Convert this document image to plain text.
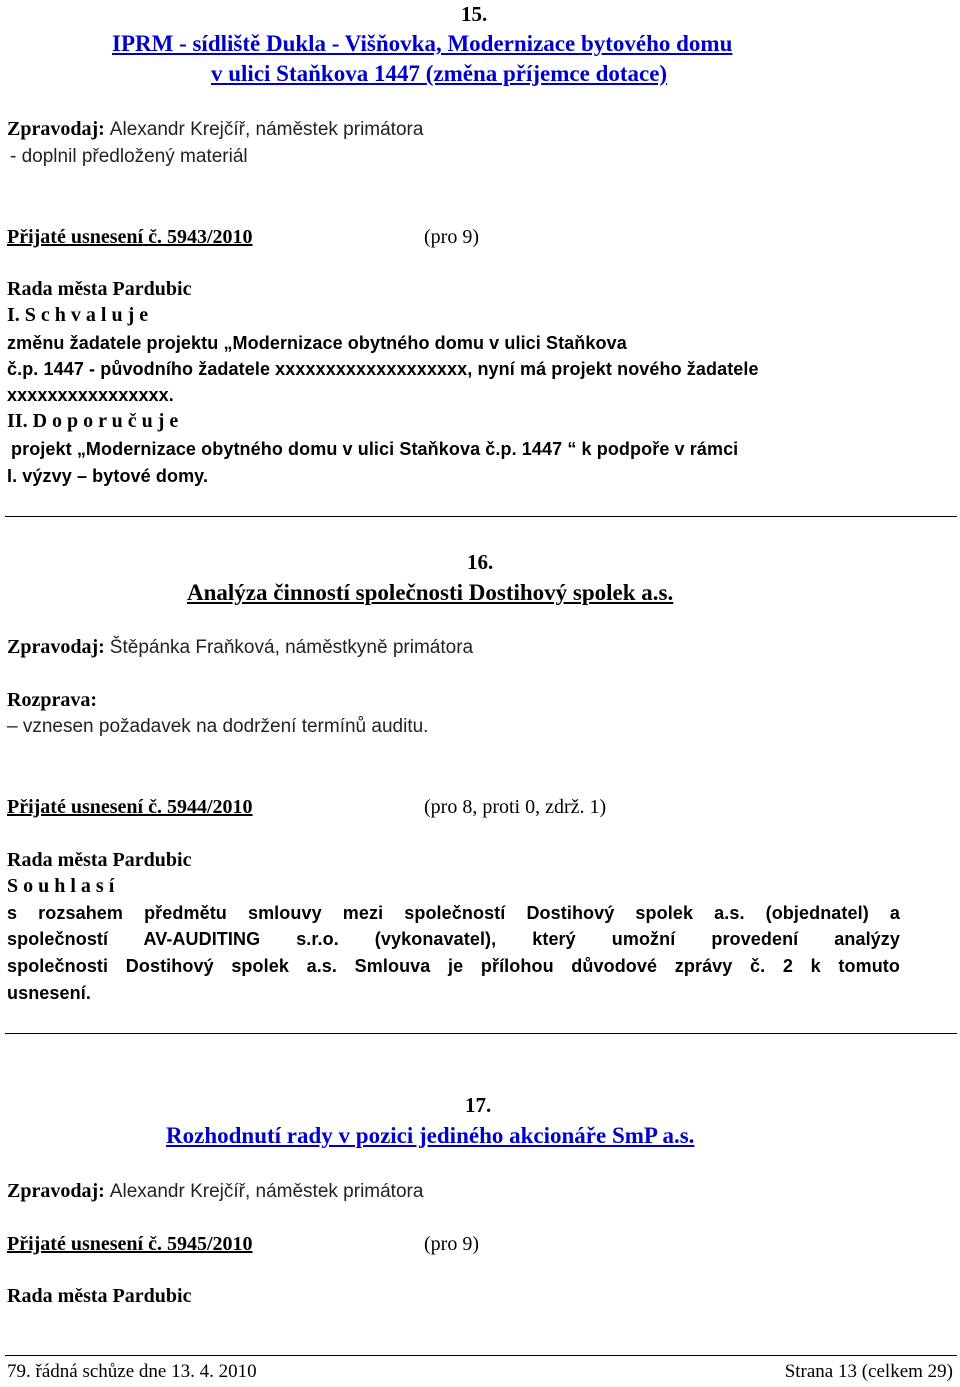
15.
IPRM - sídliště Dukla - Višňovka, Modernizace bytového domu
v ulici Staňkova 1447 (změna příjemce dotace)
Zpravodaj: Alexandr Krejčíř, náměstek primátora
- doplnil předložený materiál
Přijaté usnesení č. 5943/2010	(pro 9)
Rada města Pardubic
I. S c h v a l u j e
změnu žadatele projektu „Modernizace obytného domu v ulici Staňkova
č.p. 1447 - původního žadatele xxxxxxxxxxxxxxxxxxx, nyní má projekt nového žadatele
xxxxxxxxxxxxxxxx.
II. D o p o r u č u j e
projekt „Modernizace obytného domu v ulici Staňkova č.p. 1447 “ k podpoře v rámci
I. výzvy – bytové domy.
16.
Analýza činností společnosti Dostihový spolek a.s.
Zpravodaj: Štěpánka Fraňková, náměstkyně primátora
Rozprava:
– vznesen požadavek na dodržení termínů auditu.
Přijaté usnesení č. 5944/2010	(pro 8, proti 0, zdrž. 1)
Rada města Pardubic
S o u h l a s í
s rozsahem předmětu smlouvy mezi společností Dostihový spolek a.s. (objednatel) a
společností AV-AUDITING s.r.o. (vykonavatel), který umožní provedení analýzy
společnosti Dostihový spolek a.s. Smlouva je přílohou důvodové zprávy č. 2 k tomuto
usnesení.
17.
Rozhodnutí rady v pozici jediného akcionáře SmP a.s.
Zpravodaj: Alexandr Krejčíř, náměstek primátora
Přijaté usnesení č. 5945/2010	(pro 9)
Rada města Pardubic
79. řádná schůze dne 13. 4. 2010	Strana 13 (celkem 29)
